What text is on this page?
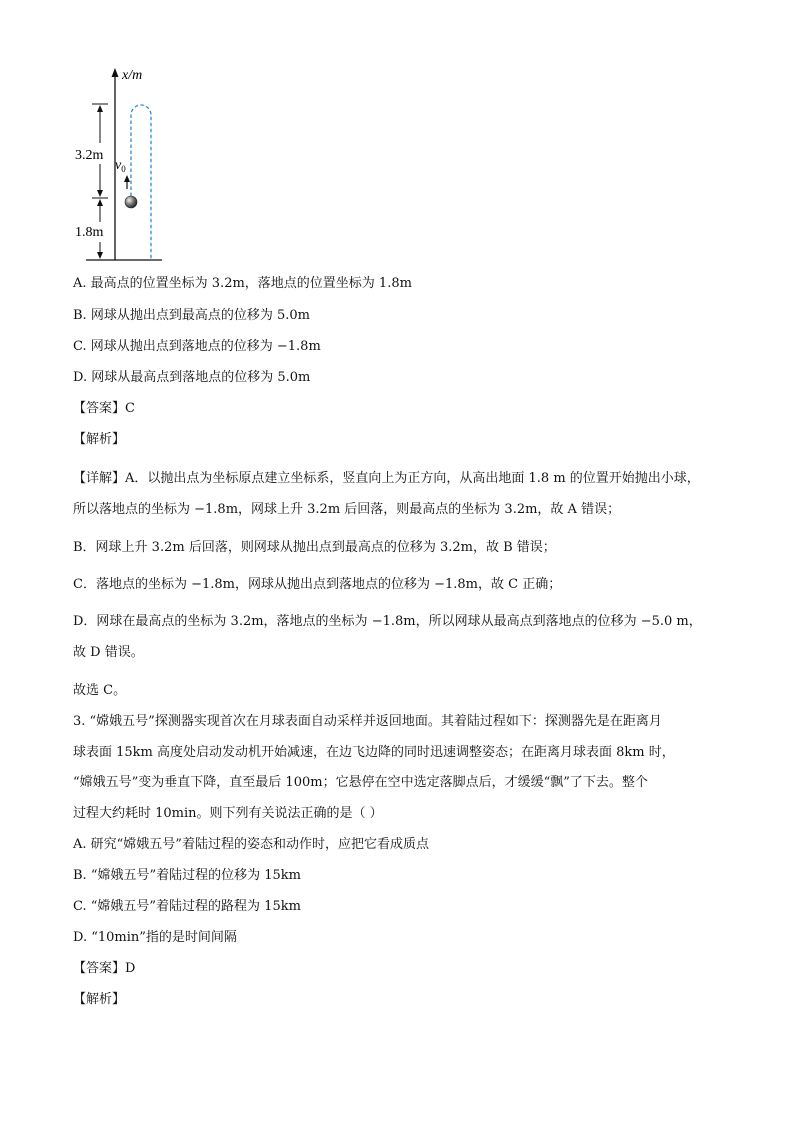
x/m
3.2m
1.8m
$v_0$
A. 最高点的位置坐标为 3.2m，落地点的位置坐标为 1.8m
B. 网球从抛出点到最高点的位移为 5.0m
C. 网球从抛出点到落地点的位移为 −1.8m
D. 网球从最高点到落地点的位移为 5.0m
【答案】C
【解析】
【详解】A．以抛出点为坐标原点建立坐标系，竖直向上为正方向，从高出地面 1.8 m 的位置开始抛出小球，
所以落地点的坐标为 −1.8m，网球上升 3.2m 后回落，则最高点的坐标为 3.2m，故 A 错误；
B．网球上升 3.2m 后回落，则网球从抛出点到最高点的位移为 3.2m，故 B 错误；
C．落地点的坐标为 −1.8m，网球从抛出点到落地点的位移为 −1.8m，故 C 正确；
D．网球在最高点的坐标为 3.2m，落地点的坐标为 −1.8m，所以网球从最高点到落地点的位移为 −5.0 m，
故 D 错误。
故选 C。
3. “嫦娥五号”探测器实现首次在月球表面自动采样并返回地面。其着陆过程如下：探测器先是在距离月
球表面 15km 高度处启动发动机开始减速，在边飞边降的同时迅速调整姿态；在距离月球表面 8km 时，
“嫦娥五号”变为垂直下降，直至最后 100m；它悬停在空中选定落脚点后，才缓缓“飘”了下去。整个
过程大约耗时 10min。则下列有关说法正确的是（ ）
A. 研究“嫦娥五号”着陆过程的姿态和动作时，应把它看成质点
B. “嫦娥五号”着陆过程的位移为 15km
C. “嫦娥五号”着陆过程的路程为 15km
D. “10min”指的是时间间隔
【答案】D
【解析】
